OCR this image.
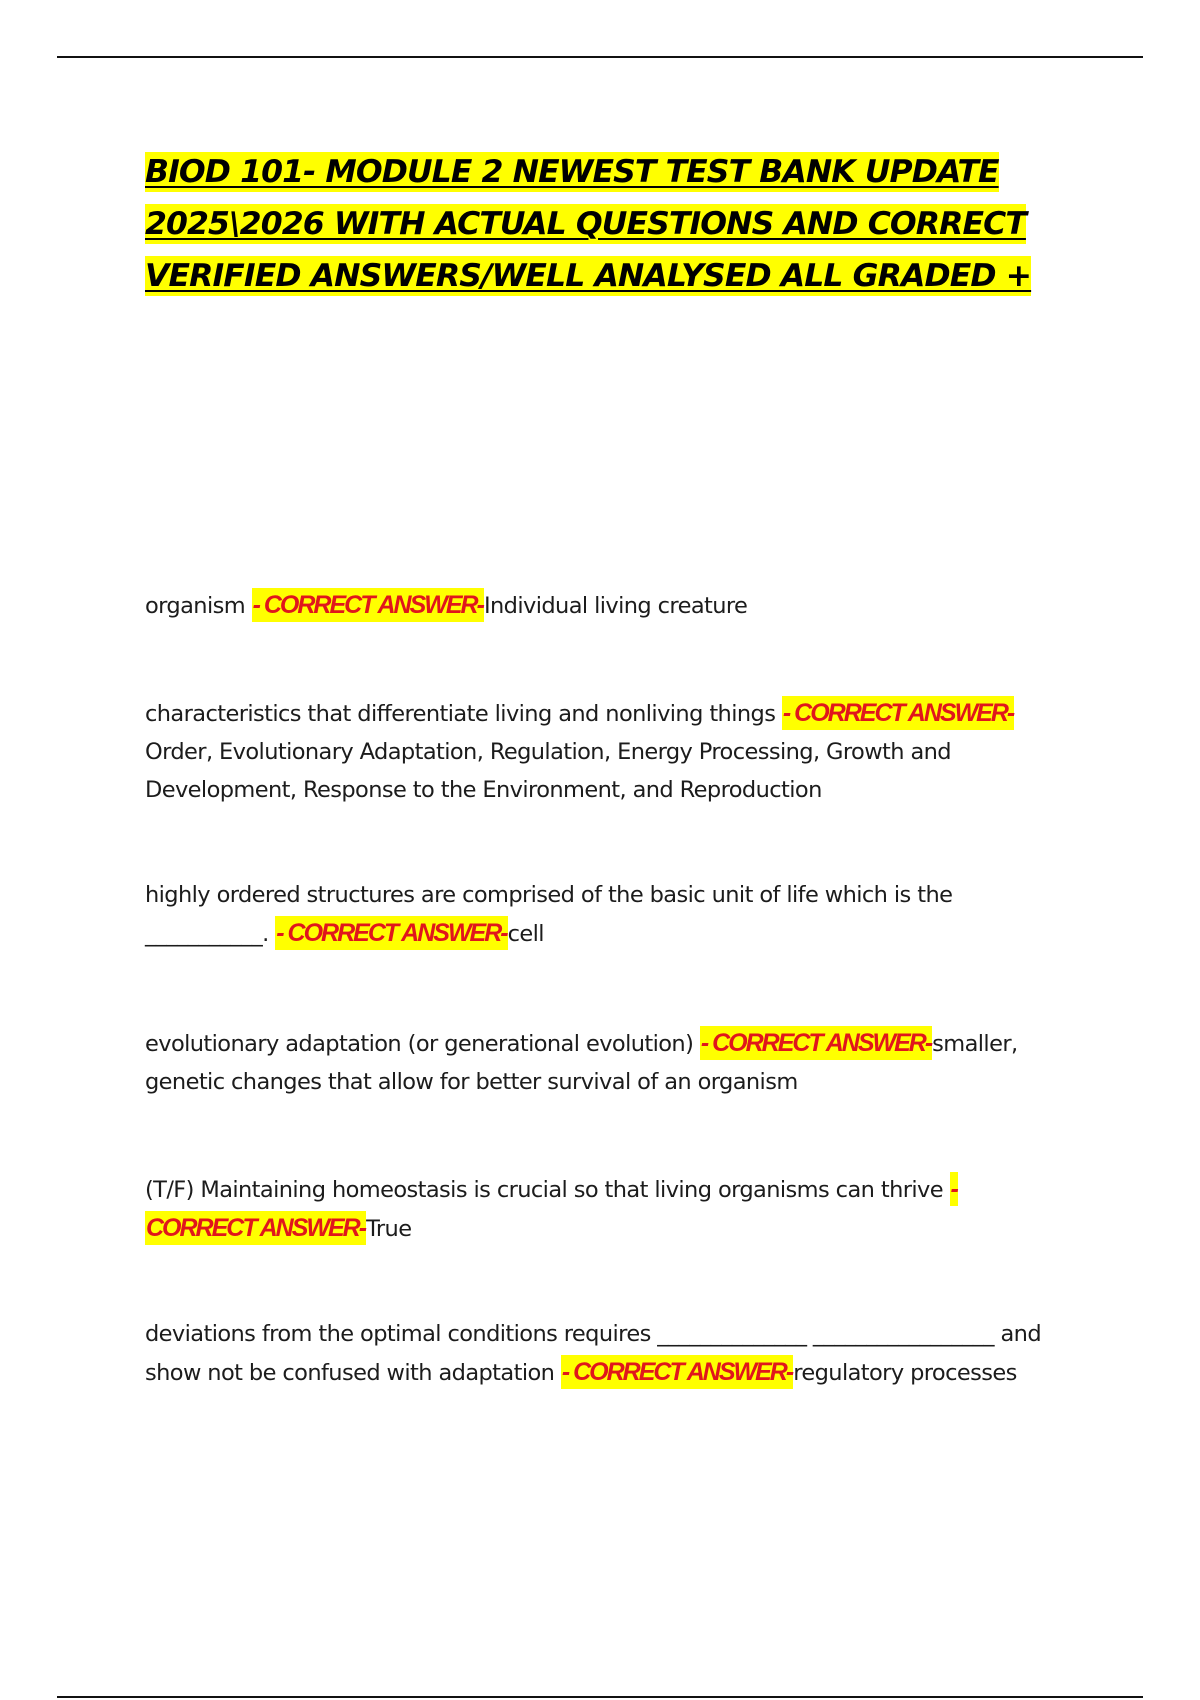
BIOD 101- MODULE 2 NEWEST TEST BANK UPDATE 2025\2026 WITH ACTUAL QUESTIONS AND CORRECT VERIFIED ANSWERS/WELL ANALYSED ALL GRADED +

organism - CORRECT ANSWER-Individual living creature

characteristics that differentiate living and nonliving things - CORRECT ANSWER-Order, Evolutionary Adaptation, Regulation, Energy Processing, Growth and Development, Response to the Environment, and Reproduction

highly ordered structures are comprised of the basic unit of life which is the ___________. - CORRECT ANSWER-cell

evolutionary adaptation (or generational evolution) - CORRECT ANSWER-smaller, genetic changes that allow for better survival of an organism

(T/F) Maintaining homeostasis is crucial so that living organisms can thrive - CORRECT ANSWER-True

deviations from the optimal conditions requires ______________ _________________ and show not be confused with adaptation - CORRECT ANSWER-regulatory processes
